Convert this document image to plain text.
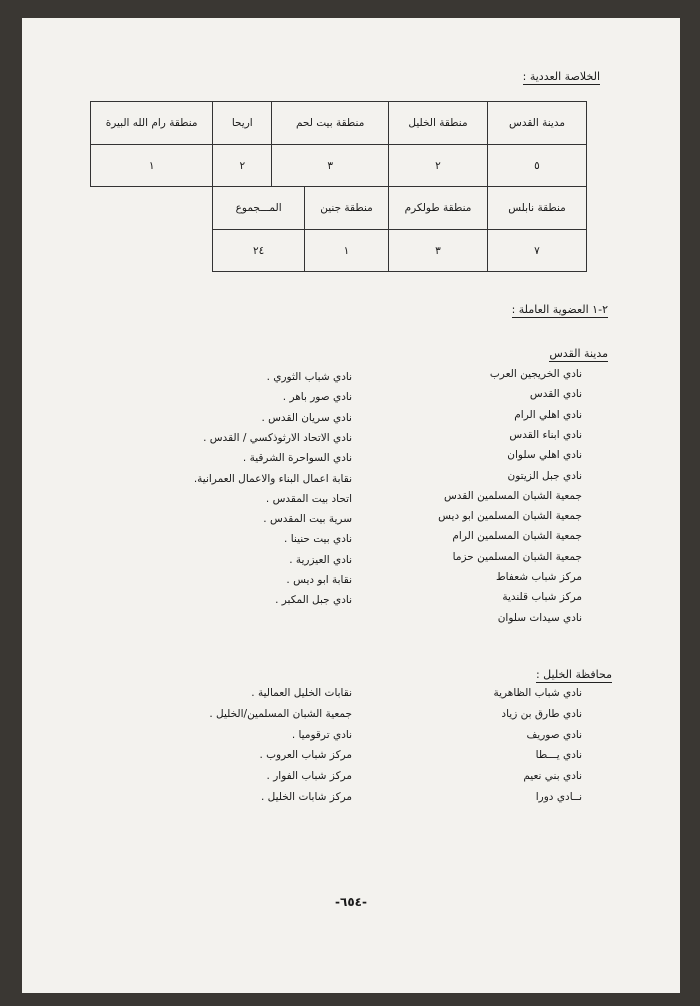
الخلاصة العددية :
مدينة القدس	منطقة الخليل	منطقة بيت لحم		اريحا	منطقة رام الله البيرة
٥	٢	٣		٢	١
منطقة نابلس	منطقة طولكرم	منطقة جنين	المـــجموع		
٧	٣	١	٢٤		
٢-١ العضوية العاملة :
مدينة القدس
نادي الخريجين العرب
نادي القدس
نادي اهلي الرام
نادي ابناء القدس
نادي اهلي سلوان
نادي جبل الزيتون
جمعية الشبان المسلمين القدس
جمعية الشبان المسلمين ابو ديس
جمعية الشبان المسلمين الرام
جمعية الشبان المسلمين حزما
مركز شباب شعفاط
مركز شباب قلندية
نادي سيدات سلوان
نادي شباب الثوري .
نادي صور باهر .
نادي سريان القدس .
نادي الاتحاد الارثوذكسي / القدس .
نادي السواحرة الشرقية .
نقابة اعمال البناء والاعمال العمرانية.
اتحاد بيت المقدس .
سرية بيت المقدس .
نادي بيت حنينا .
نادي العيزرية .
نقابة ابو ديس .
نادي جبل المكبر .
محافظة الخليل :
نادي شباب الظاهرية
نادي طارق بن زياد
نادي صوريف
نادي يـــطا
نادي بني نعيم
نــادي دورا
نقابات الخليل العمالية .
جمعية الشبان المسلمين/الخليل .
نادي ترقوميا .
مركز شباب العروب .
مركز شباب الفوار .
مركز شابات الخليل .
-٦٥٤-
